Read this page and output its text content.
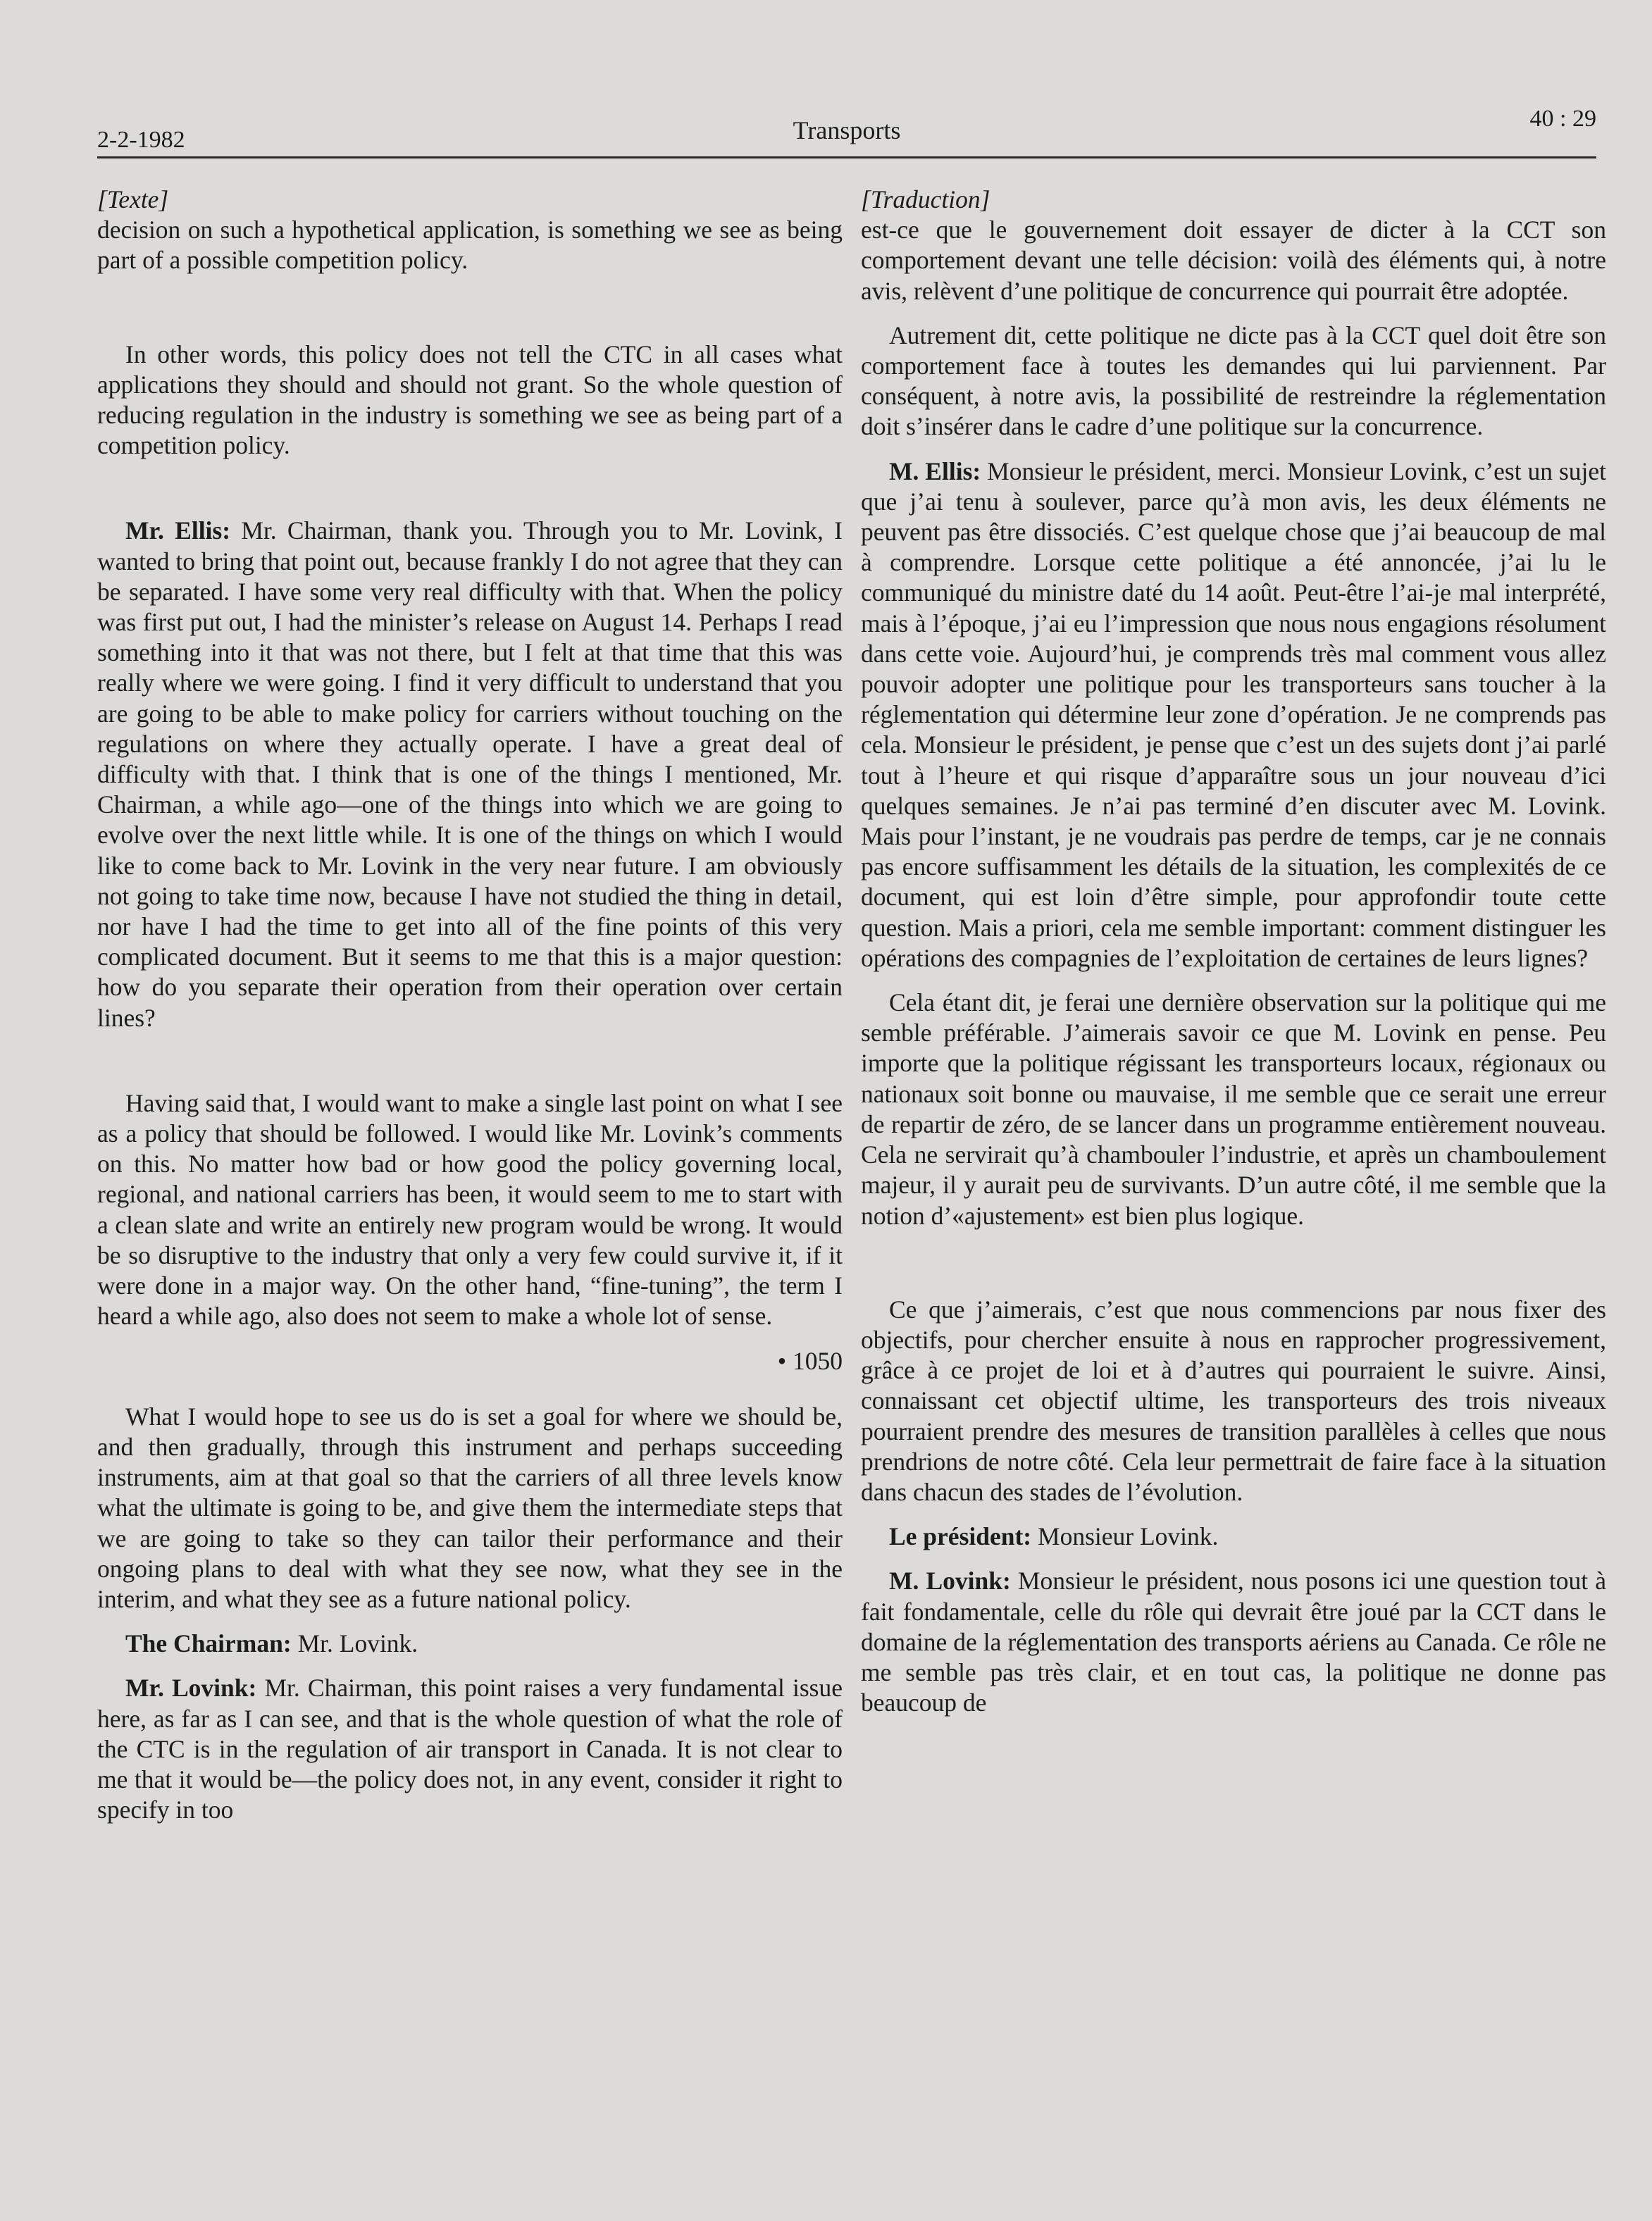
2-2-1982	Transports	40 : 29

[Texte]

decision on such a hypothetical application, is something we see as being part of a possible competition policy.

In other words, this policy does not tell the CTC in all cases what applications they should and should not grant. So the whole question of reducing regulation in the industry is something we see as being part of a competition policy.

Mr. Ellis: Mr. Chairman, thank you. Through you to Mr. Lovink, I wanted to bring that point out, because frankly I do not agree that they can be separated. I have some very real difficulty with that. When the policy was first put out, I had the minister’s release on August 14. Perhaps I read something into it that was not there, but I felt at that time that this was really where we were going. I find it very difficult to understand that you are going to be able to make policy for carriers without touching on the regulations on where they actually operate. I have a great deal of difficulty with that. I think that is one of the things I mentioned, Mr. Chairman, a while ago—one of the things into which we are going to evolve over the next little while. It is one of the things on which I would like to come back to Mr. Lovink in the very near future. I am obviously not going to take time now, because I have not studied the thing in detail, nor have I had the time to get into all of the fine points of this very complicated document. But it seems to me that this is a major question: how do you separate their operation from their operation over certain lines?

Having said that, I would want to make a single last point on what I see as a policy that should be followed. I would like Mr. Lovink’s comments on this. No matter how bad or how good the policy governing local, regional, and national carriers has been, it would seem to me to start with a clean slate and write an entirely new program would be wrong. It would be so disruptive to the industry that only a very few could survive it, if it were done in a major way. On the other hand, “fine-tuning”, the term I heard a while ago, also does not seem to make a whole lot of sense.

• 1050

What I would hope to see us do is set a goal for where we should be, and then gradually, through this instrument and perhaps succeeding instruments, aim at that goal so that the carriers of all three levels know what the ultimate is going to be, and give them the intermediate steps that we are going to take so they can tailor their performance and their ongoing plans to deal with what they see now, what they see in the interim, and what they see as a future national policy.

The Chairman: Mr. Lovink.

Mr. Lovink: Mr. Chairman, this point raises a very fundamental issue here, as far as I can see, and that is the whole question of what the role of the CTC is in the regulation of air transport in Canada. It is not clear to me that it would be—the policy does not, in any event, consider it right to specify in too

[Traduction]

est-ce que le gouvernement doit essayer de dicter à la CCT son comportement devant une telle décision: voilà des éléments qui, à notre avis, relèvent d’une politique de concurrence qui pourrait être adoptée.

Autrement dit, cette politique ne dicte pas à la CCT quel doit être son comportement face à toutes les demandes qui lui parviennent. Par conséquent, à notre avis, la possibilité de restreindre la réglementation doit s’insérer dans le cadre d’une politique sur la concurrence.

M. Ellis: Monsieur le président, merci. Monsieur Lovink, c’est un sujet que j’ai tenu à soulever, parce qu’à mon avis, les deux éléments ne peuvent pas être dissociés. C’est quelque chose que j’ai beaucoup de mal à comprendre. Lorsque cette politique a été annoncée, j’ai lu le communiqué du ministre daté du 14 août. Peut-être l’ai-je mal interprété, mais à l’époque, j’ai eu l’impression que nous nous engagions résolument dans cette voie. Aujourd’hui, je comprends très mal comment vous allez pouvoir adopter une politique pour les transporteurs sans toucher à la réglementation qui détermine leur zone d’opération. Je ne comprends pas cela. Monsieur le président, je pense que c’est un des sujets dont j’ai parlé tout à l’heure et qui risque d’apparaître sous un jour nouveau d’ici quelques semaines. Je n’ai pas terminé d’en discuter avec M. Lovink. Mais pour l’instant, je ne voudrais pas perdre de temps, car je ne connais pas encore suffisamment les détails de la situation, les complexités de ce document, qui est loin d’être simple, pour approfondir toute cette question. Mais a priori, cela me semble important: comment distinguer les opérations des compagnies de l’exploitation de certaines de leurs lignes?

Cela étant dit, je ferai une dernière observation sur la politique qui me semble préférable. J’aimerais savoir ce que M. Lovink en pense. Peu importe que la politique régissant les transporteurs locaux, régionaux ou nationaux soit bonne ou mauvaise, il me semble que ce serait une erreur de repartir de zéro, de se lancer dans un programme entièrement nouveau. Cela ne servirait qu’à chambouler l’industrie, et après un chamboulement majeur, il y aurait peu de survivants. D’un autre côté, il me semble que la notion d’«ajustement» est bien plus logique.

Ce que j’aimerais, c’est que nous commencions par nous fixer des objectifs, pour chercher ensuite à nous en rapprocher progressivement, grâce à ce projet de loi et à d’autres qui pourraient le suivre. Ainsi, connaissant cet objectif ultime, les transporteurs des trois niveaux pourraient prendre des mesures de transition parallèles à celles que nous prendrions de notre côté. Cela leur permettrait de faire face à la situation dans chacun des stades de l’évolution.

Le président: Monsieur Lovink.

M. Lovink: Monsieur le président, nous posons ici une question tout à fait fondamentale, celle du rôle qui devrait être joué par la CCT dans le domaine de la réglementation des transports aériens au Canada. Ce rôle ne me semble pas très clair, et en tout cas, la politique ne donne pas beaucoup de
